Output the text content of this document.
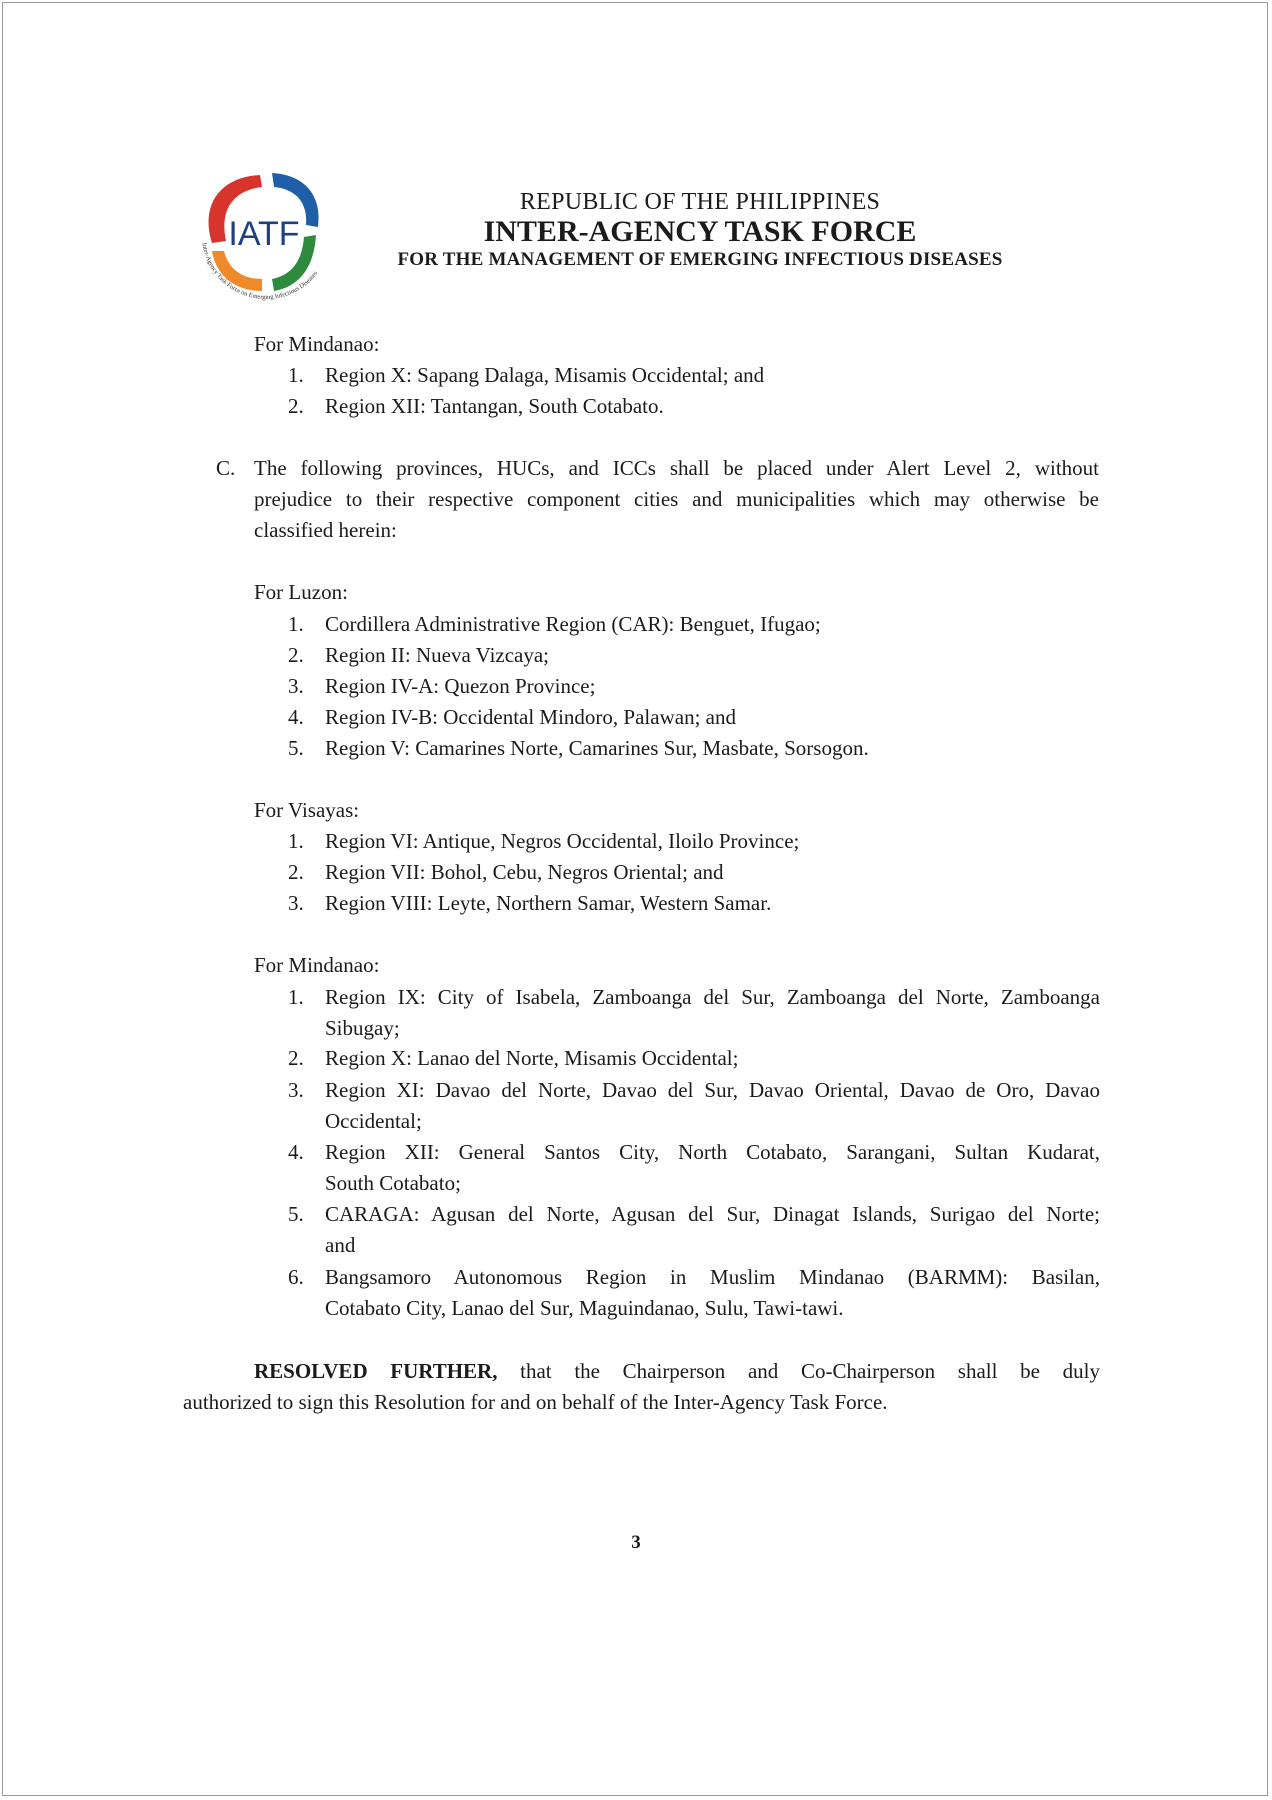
IATF
Inter-Agency Task Force on Emerging Infectious Diseases
REPUBLIC OF THE PHILIPPINES
INTER-AGENCY TASK FORCE
FOR THE MANAGEMENT OF EMERGING INFECTIOUS DISEASES
For Mindanao:
1. Region X: Sapang Dalaga, Misamis Occidental; and
2. Region XII: Tantangan, South Cotabato.
C. The following provinces, HUCs, and ICCs shall be placed under Alert Level 2, without
prejudice to their respective component cities and municipalities which may otherwise be
classified herein:
For Luzon:
1. Cordillera Administrative Region (CAR): Benguet, Ifugao;
2. Region II: Nueva Vizcaya;
3. Region IV-A: Quezon Province;
4. Region IV-B: Occidental Mindoro, Palawan; and
5. Region V: Camarines Norte, Camarines Sur, Masbate, Sorsogon.
For Visayas:
1. Region VI: Antique, Negros Occidental, Iloilo Province;
2. Region VII: Bohol, Cebu, Negros Oriental; and
3. Region VIII: Leyte, Northern Samar, Western Samar.
For Mindanao:
1. Region IX: City of Isabela, Zamboanga del Sur, Zamboanga del Norte, Zamboanga
Sibugay;
2. Region X: Lanao del Norte, Misamis Occidental;
3. Region XI: Davao del Norte, Davao del Sur, Davao Oriental, Davao de Oro, Davao
Occidental;
4. Region XII: General Santos City, North Cotabato, Sarangani, Sultan Kudarat,
South Cotabato;
5. CARAGA: Agusan del Norte, Agusan del Sur, Dinagat Islands, Surigao del Norte;
and
6. Bangsamoro Autonomous Region in Muslim Mindanao (BARMM): Basilan,
Cotabato City, Lanao del Sur, Maguindanao, Sulu, Tawi-tawi.
RESOLVED FURTHER, that the Chairperson and Co-Chairperson shall be duly
authorized to sign this Resolution for and on behalf of the Inter-Agency Task Force.
3
